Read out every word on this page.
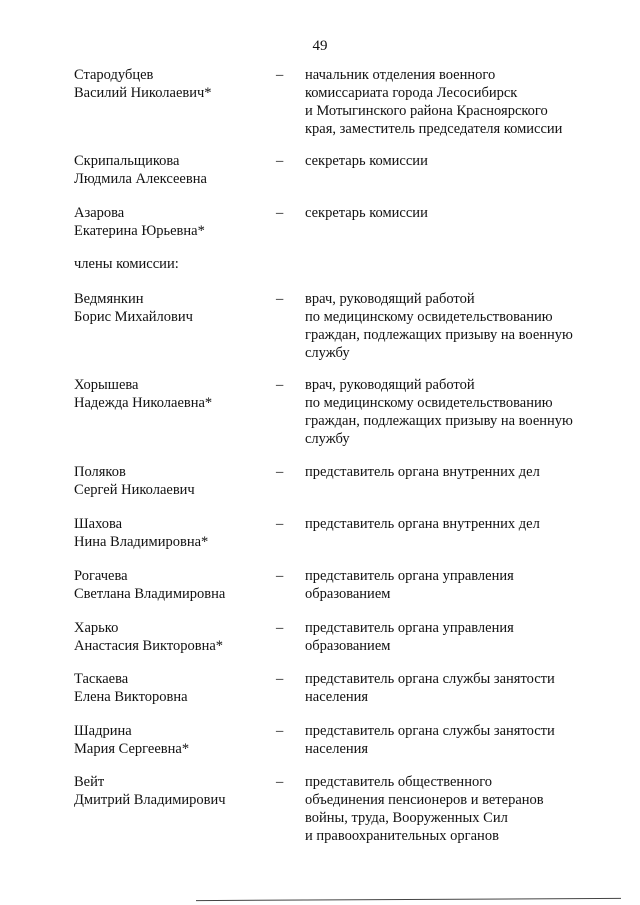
49
Стародубцев
Василий Николаевич*
– начальник отделения военного
комиссариата города Лесосибирск
и Мотыгинского района Красноярского
края, заместитель председателя комиссии
Скрипальщикова
Людмила Алексеевна
– секретарь комиссии
Азарова
Екатерина Юрьевна*
– секретарь комиссии
члены комиссии:
Ведмянкин
Борис Михайлович
– врач, руководящий работой
по медицинскому освидетельствованию
граждан, подлежащих призыву на военную
службу
Хорышева
Надежда Николаевна*
– врач, руководящий работой
по медицинскому освидетельствованию
граждан, подлежащих призыву на военную
службу
Поляков
Сергей Николаевич
– представитель органа внутренних дел
Шахова
Нина Владимировна*
– представитель органа внутренних дел
Рогачева
Светлана Владимировна
– представитель органа управления
образованием
Харько
Анастасия Викторовна*
– представитель органа управления
образованием
Таскаева
Елена Викторовна
– представитель органа службы занятости
населения
Шадрина
Мария Сергеевна*
– представитель органа службы занятости
населения
Вейт
Дмитрий Владимирович
– представитель общественного
объединения пенсионеров и ветеранов
войны, труда, Вооруженных Сил
и правоохранительных органов
